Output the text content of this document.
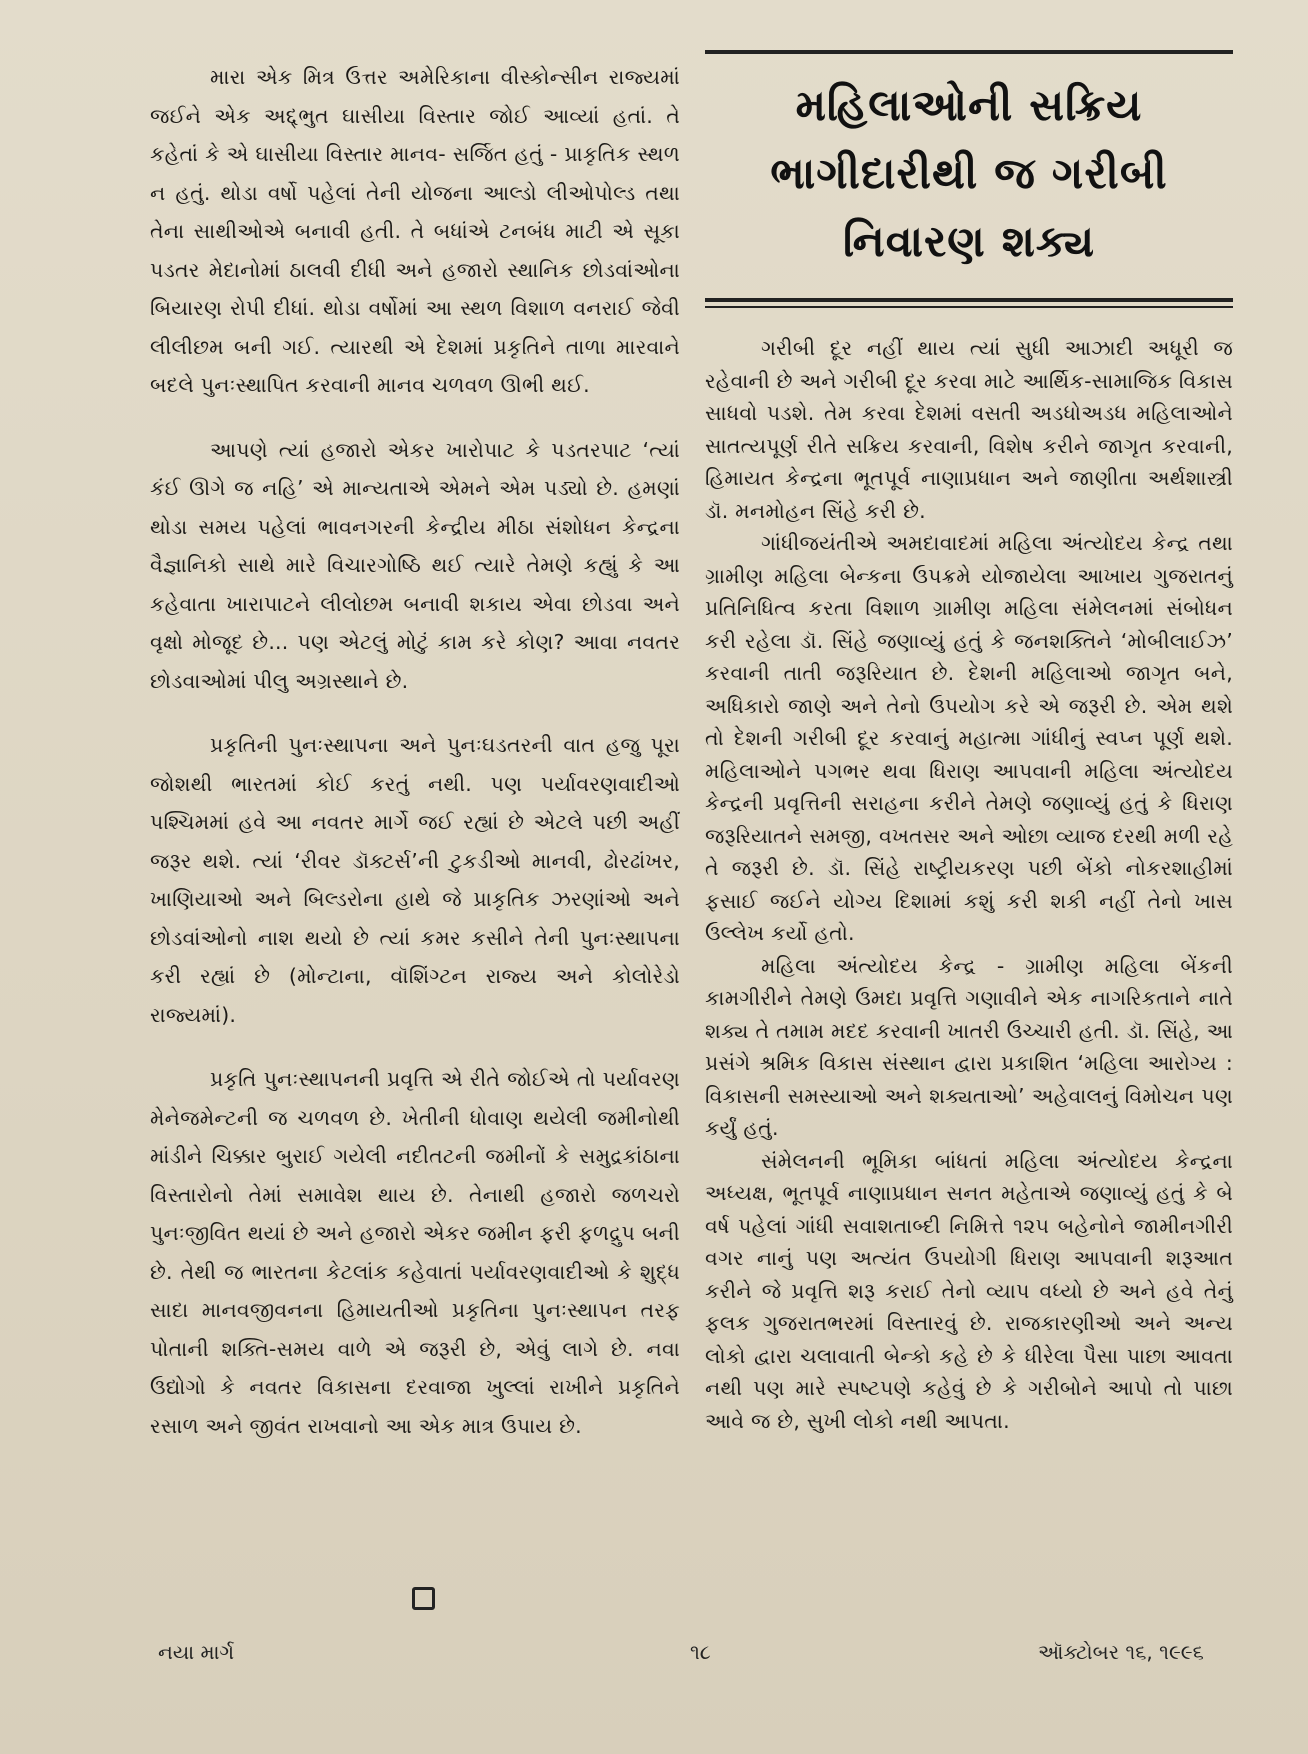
મારા એક મિત્ર ઉત્તર અમેરિકાના વીસ્કોન્સીન રાજ્યમાં જઈને એક અદ્દ્ભુત ઘાસીયા વિસ્તાર જોઈ આવ્યાં હતાં. તે કહેતાં કે એ ઘાસીયા વિસ્તાર માનવ- સર્જિત હતું - પ્રાકૃતિક સ્થળ ન હતું. થોડા વર્ષો પહેલાં તેની યોજના આલ્ડો લીઓપોલ્ડ તથા તેના સાથીઓએ બનાવી હતી. તે બધાંએ ટનબંધ માટી એ સૂકા પડતર મેદાનોમાં ઠાલવી દીધી અને હજારો સ્થાનિક છોડવાંઓના બિયારણ રોપી દીધાં. થોડા વર્ષોમાં આ સ્થળ વિશાળ વનરાઈ જેવી લીલીછમ બની ગઈ. ત્યારથી એ દેશમાં પ્રકૃતિને તાળા મારવાને બદલે પુનઃસ્થાપિત કરવાની માનવ ચળવળ ઊભી થઈ.

આપણે ત્યાં હજારો એકર ખારોપાટ કે પડતરપાટ ‘ત્યાં કંઈ ઊગે જ નહિ’ એ માન્યતાએ એમને એમ પડ્યો છે. હમણાં થોડા સમય પહેલાં ભાવનગરની કેન્દ્રીય મીઠા સંશોધન કેન્દ્રના વૈજ્ઞાનિકો સાથે મારે વિચારગોષ્ઠિ થઈ ત્યારે તેમણે કહ્યું કે આ કહેવાતા ખારાપાટને લીલોછમ બનાવી શકાય એવા છોડવા અને વૃક્ષો મોજૂદ છે... પણ એટલું મોટું કામ કરે કોણ? આવા નવતર છોડવાઓમાં પીલુ અગ્રસ્થાને છે.

પ્રકૃતિની પુનઃસ્થાપના અને પુનઃઘડતરની વાત હજુ પૂરા જોશથી ભારતમાં કોઈ કરતું નથી. પણ પર્યાવરણવાદીઓ પશ્ચિમમાં હવે આ નવતર માર્ગે જઈ રહ્યાં છે એટલે પછી અહીં જરૂર થશે. ત્યાં ‘રીવર ડૉક્ટર્સ’ની ટુકડીઓ માનવી, ઢોરઢાંખર, ખાણિયાઓ અને બિલ્ડરોના હાથે જે પ્રાકૃતિક ઝરણાંઓ અને છોડવાંઓનો નાશ થયો છે ત્યાં કમર કસીને તેની પુનઃસ્થાપના કરી રહ્યાં છે (મોન્ટાના, વૉશિંગ્ટન રાજ્ય અને કોલોરેડો રાજ્યમાં).

પ્રકૃતિ પુનઃસ્થાપનની પ્રવૃત્તિ એ રીતે જોઈએ તો પર્યાવરણ મેનેજમેન્ટની જ ચળવળ છે. ખેતીની ધોવાણ થયેલી જમીનોથી માંડીને ચિક્કાર બુરાઈ ગયેલી નદીતટની જમીનોં કે સમુદ્રકાંઠાના વિસ્તારોનો તેમાં સમાવેશ થાય છે. તેનાથી હજારો જળચરો પુનઃજીવિત થયાં છે અને હજારો એકર જમીન ફરી ફળદ્રુપ બની છે. તેથી જ ભારતના કેટલાંક કહેવાતાં પર્યાવરણવાદીઓ કે શુદ્ધ સાદા માનવજીવનના હિમાયતીઓ પ્રકૃતિના પુનઃસ્થાપન તરફ પોતાની શક્તિ-સમય વાળે એ જરૂરી છે, એવું લાગે છે. નવા ઉદ્યોગો કે નવતર વિકાસના દરવાજા ખુલ્લાં રાખીને પ્રકૃતિને રસાળ અને જીવંત રાખવાનો આ એક માત્ર ઉપાય છે.

મહિલાઓની સક્રિય
ભાગીદારીથી જ ગરીબી
નિવારણ શક્ય

ગરીબી દૂર નહીં થાય ત્યાં સુધી આઝાદી અધૂરી જ રહેવાની છે અને ગરીબી દૂર કરવા માટે આર્થિક-સામાજિક વિકાસ સાધવો પડશે. તેમ કરવા દેશમાં વસતી અડધોઅડધ મહિલાઓને સાતત્યપૂર્ણ રીતે સક્રિય કરવાની, વિશેષ કરીને જાગૃત કરવાની, હિમાયત કેન્દ્રના ભૂતપૂર્વ નાણાપ્રધાન અને જાણીતા અર્થશાસ્ત્રી ડૉ. મનમોહન સિંહે કરી છે.

ગાંધીજયંતીએ અમદાવાદમાં મહિલા અંત્યોદય કેન્દ્ર તથા ગ્રામીણ મહિલા બેન્કના ઉપક્રમે યોજાયેલા આખાય ગુજરાતનું પ્રતિનિધિત્વ કરતા વિશાળ ગ્રામીણ મહિલા સંમેલનમાં સંબોધન કરી રહેલા ડૉ. સિંહે જણાવ્યું હતું કે જનશક્તિને ‘મોબીલાઈઝ’ કરવાની તાતી જરૂરિયાત છે. દેશની મહિલાઓ જાગૃત બને, અધિકારો જાણે અને તેનો ઉપયોગ કરે એ જરૂરી છે. એમ થશે તો દેશની ગરીબી દૂર કરવાનું મહાત્મા ગાંધીનું સ્વપ્ન પૂર્ણ થશે. મહિલાઓને પગભર થવા ધિરાણ આપવાની મહિલા અંત્યોદય કેન્દ્રની પ્રવૃત્તિની સરાહના કરીને તેમણે જણાવ્યું હતું કે ધિરાણ જરૂરિયાતને સમજી, વખતસર અને ઓછા વ્યાજ દરથી મળી રહે તે જરૂરી છે. ડૉ. સિંહે રાષ્ટ્રીયકરણ પછી બેંકો નોકરશાહીમાં ફસાઈ જઈને યોગ્ય દિશામાં કશું કરી શકી નહીં તેનો ખાસ ઉલ્લેખ કર્યો હતો.

મહિલા અંત્યોદય કેન્દ્ર - ગ્રામીણ મહિલા બેંકની કામગીરીને તેમણે ઉમદા પ્રવૃત્તિ ગણાવીને એક નાગરિકતાને નાતે શક્ય તે તમામ મદદ કરવાની ખાતરી ઉચ્ચારી હતી. ડૉ. સિંહે, આ પ્રસંગે શ્રમિક વિકાસ સંસ્થાન દ્વારા પ્રકાશિત ‘મહિલા આરોગ્ય : વિકાસની સમસ્યાઓ અને શક્યતાઓ’ અહેવાલનું વિમોચન પણ કર્યું હતું.

સંમેલનની ભૂમિકા બાંધતાં મહિલા અંત્યોદય કેન્દ્રના અધ્યક્ષ, ભૂતપૂર્વ નાણાપ્રધાન સનત મહેતાએ જણાવ્યું હતું કે બે વર્ષ પહેલાં ગાંધી સવાશતાબ્દી નિમિત્તે ૧૨૫ બહેનોને જામીનગીરી વગર નાનું પણ અત્યંત ઉપયોગી ધિરાણ આપવાની શરૂઆત કરીને જે પ્રવૃત્તિ શરૂ કરાઈ તેનો વ્યાપ વધ્યો છે અને હવે તેનું ફલક ગુજરાતભરમાં વિસ્તારવું છે. રાજકારણીઓ અને અન્ય લોકો દ્વારા ચલાવાતી બેન્કો કહે છે કે ધીરેલા પૈસા પાછા આવતા નથી પણ મારે સ્પષ્ટપણે કહેવું છે કે ગરીબોને આપો તો પાછા આવે જ છે, સુખી લોકો નથી આપતા.

નયા માર્ગ	૧૮	ઑક્ટોબર ૧૬, ૧૯૯૬
